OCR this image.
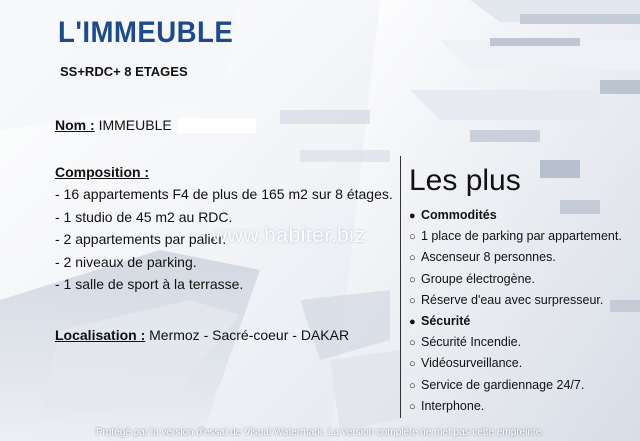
L'IMMEUBLE
SS+RDC+ 8 ETAGES
Nom : IMMEUBLE
Composition :
- 16 appartements F4 de plus de 165 m2 sur 8 étages.
- 1 studio de 45 m2 au RDC.
- 2 appartements par palier.
- 2 niveaux de parking.
- 1 salle de sport à la terrasse.
Localisation : Mermoz - Sacré-coeur - DAKAR
Les plus
● Commodités
○ 1 place de parking par appartement.
○ Ascenseur 8 personnes.
○ Groupe électrogène.
○ Réserve d'eau avec surpresseur.
● Sécurité
○ Sécurité Incendie.
○ Vidéosurveillance.
○ Service de gardiennage 24/7.
○ Interphone.
www.habiter.biz
Protégé par la version d'essai de Visual Watermark. La version complète ne met pas cette empreinte.
